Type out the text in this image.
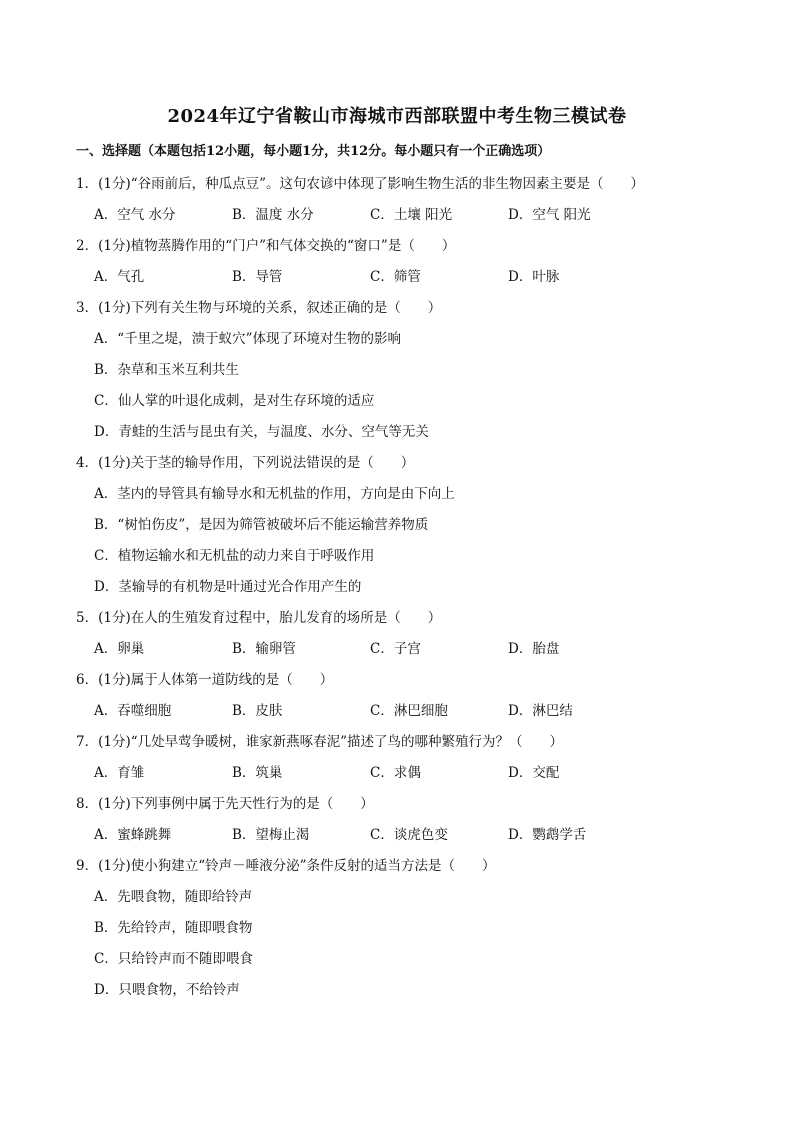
2024年辽宁省鞍山市海城市西部联盟中考生物三模试卷
一、选择题（本题包括12小题，每小题1分，共12分。每小题只有一个正确选项）
1．(1分)“谷雨前后，种瓜点豆”。这句农谚中体现了影响生物生活的非生物因素主要是（　　）
A．空气 水分	B．温度 水分	C．土壤 阳光	D．空气 阳光
2．(1分)植物蒸腾作用的“门户”和气体交换的“窗口”是（　　）
A．气孔	B．导管	C．筛管	D．叶脉
3．(1分)下列有关生物与环境的关系，叙述正确的是（　　）
A．“千里之堤，溃于蚁穴”体现了环境对生物的影响
B．杂草和玉米互利共生
C．仙人掌的叶退化成刺，是对生存环境的适应
D．青蛙的生活与昆虫有关，与温度、水分、空气等无关
4．(1分)关于茎的输导作用，下列说法错误的是（　　）
A．茎内的导管具有输导水和无机盐的作用，方向是由下向上
B．“树怕伤皮”，是因为筛管被破坏后不能运输营养物质
C．植物运输水和无机盐的动力来自于呼吸作用
D．茎输导的有机物是叶通过光合作用产生的
5．(1分)在人的生殖发育过程中，胎儿发育的场所是（　　）
A．卵巢	B．输卵管	C．子宫	D．胎盘
6．(1分)属于人体第一道防线的是（　　）
A．吞噬细胞	B．皮肤	C．淋巴细胞	D．淋巴结
7．(1分)“几处早莺争暖树，谁家新燕啄春泥”描述了鸟的哪种繁殖行为？（　　）
A．育雏	B．筑巢	C．求偶	D．交配
8．(1分)下列事例中属于先天性行为的是（　　）
A．蜜蜂跳舞	B．望梅止渴	C．谈虎色变	D．鹦鹉学舌
9．(1分)使小狗建立“铃声－唾液分泌”条件反射的适当方法是（　　）
A．先喂食物，随即给铃声
B．先给铃声，随即喂食物
C．只给铃声而不随即喂食
D．只喂食物，不给铃声
